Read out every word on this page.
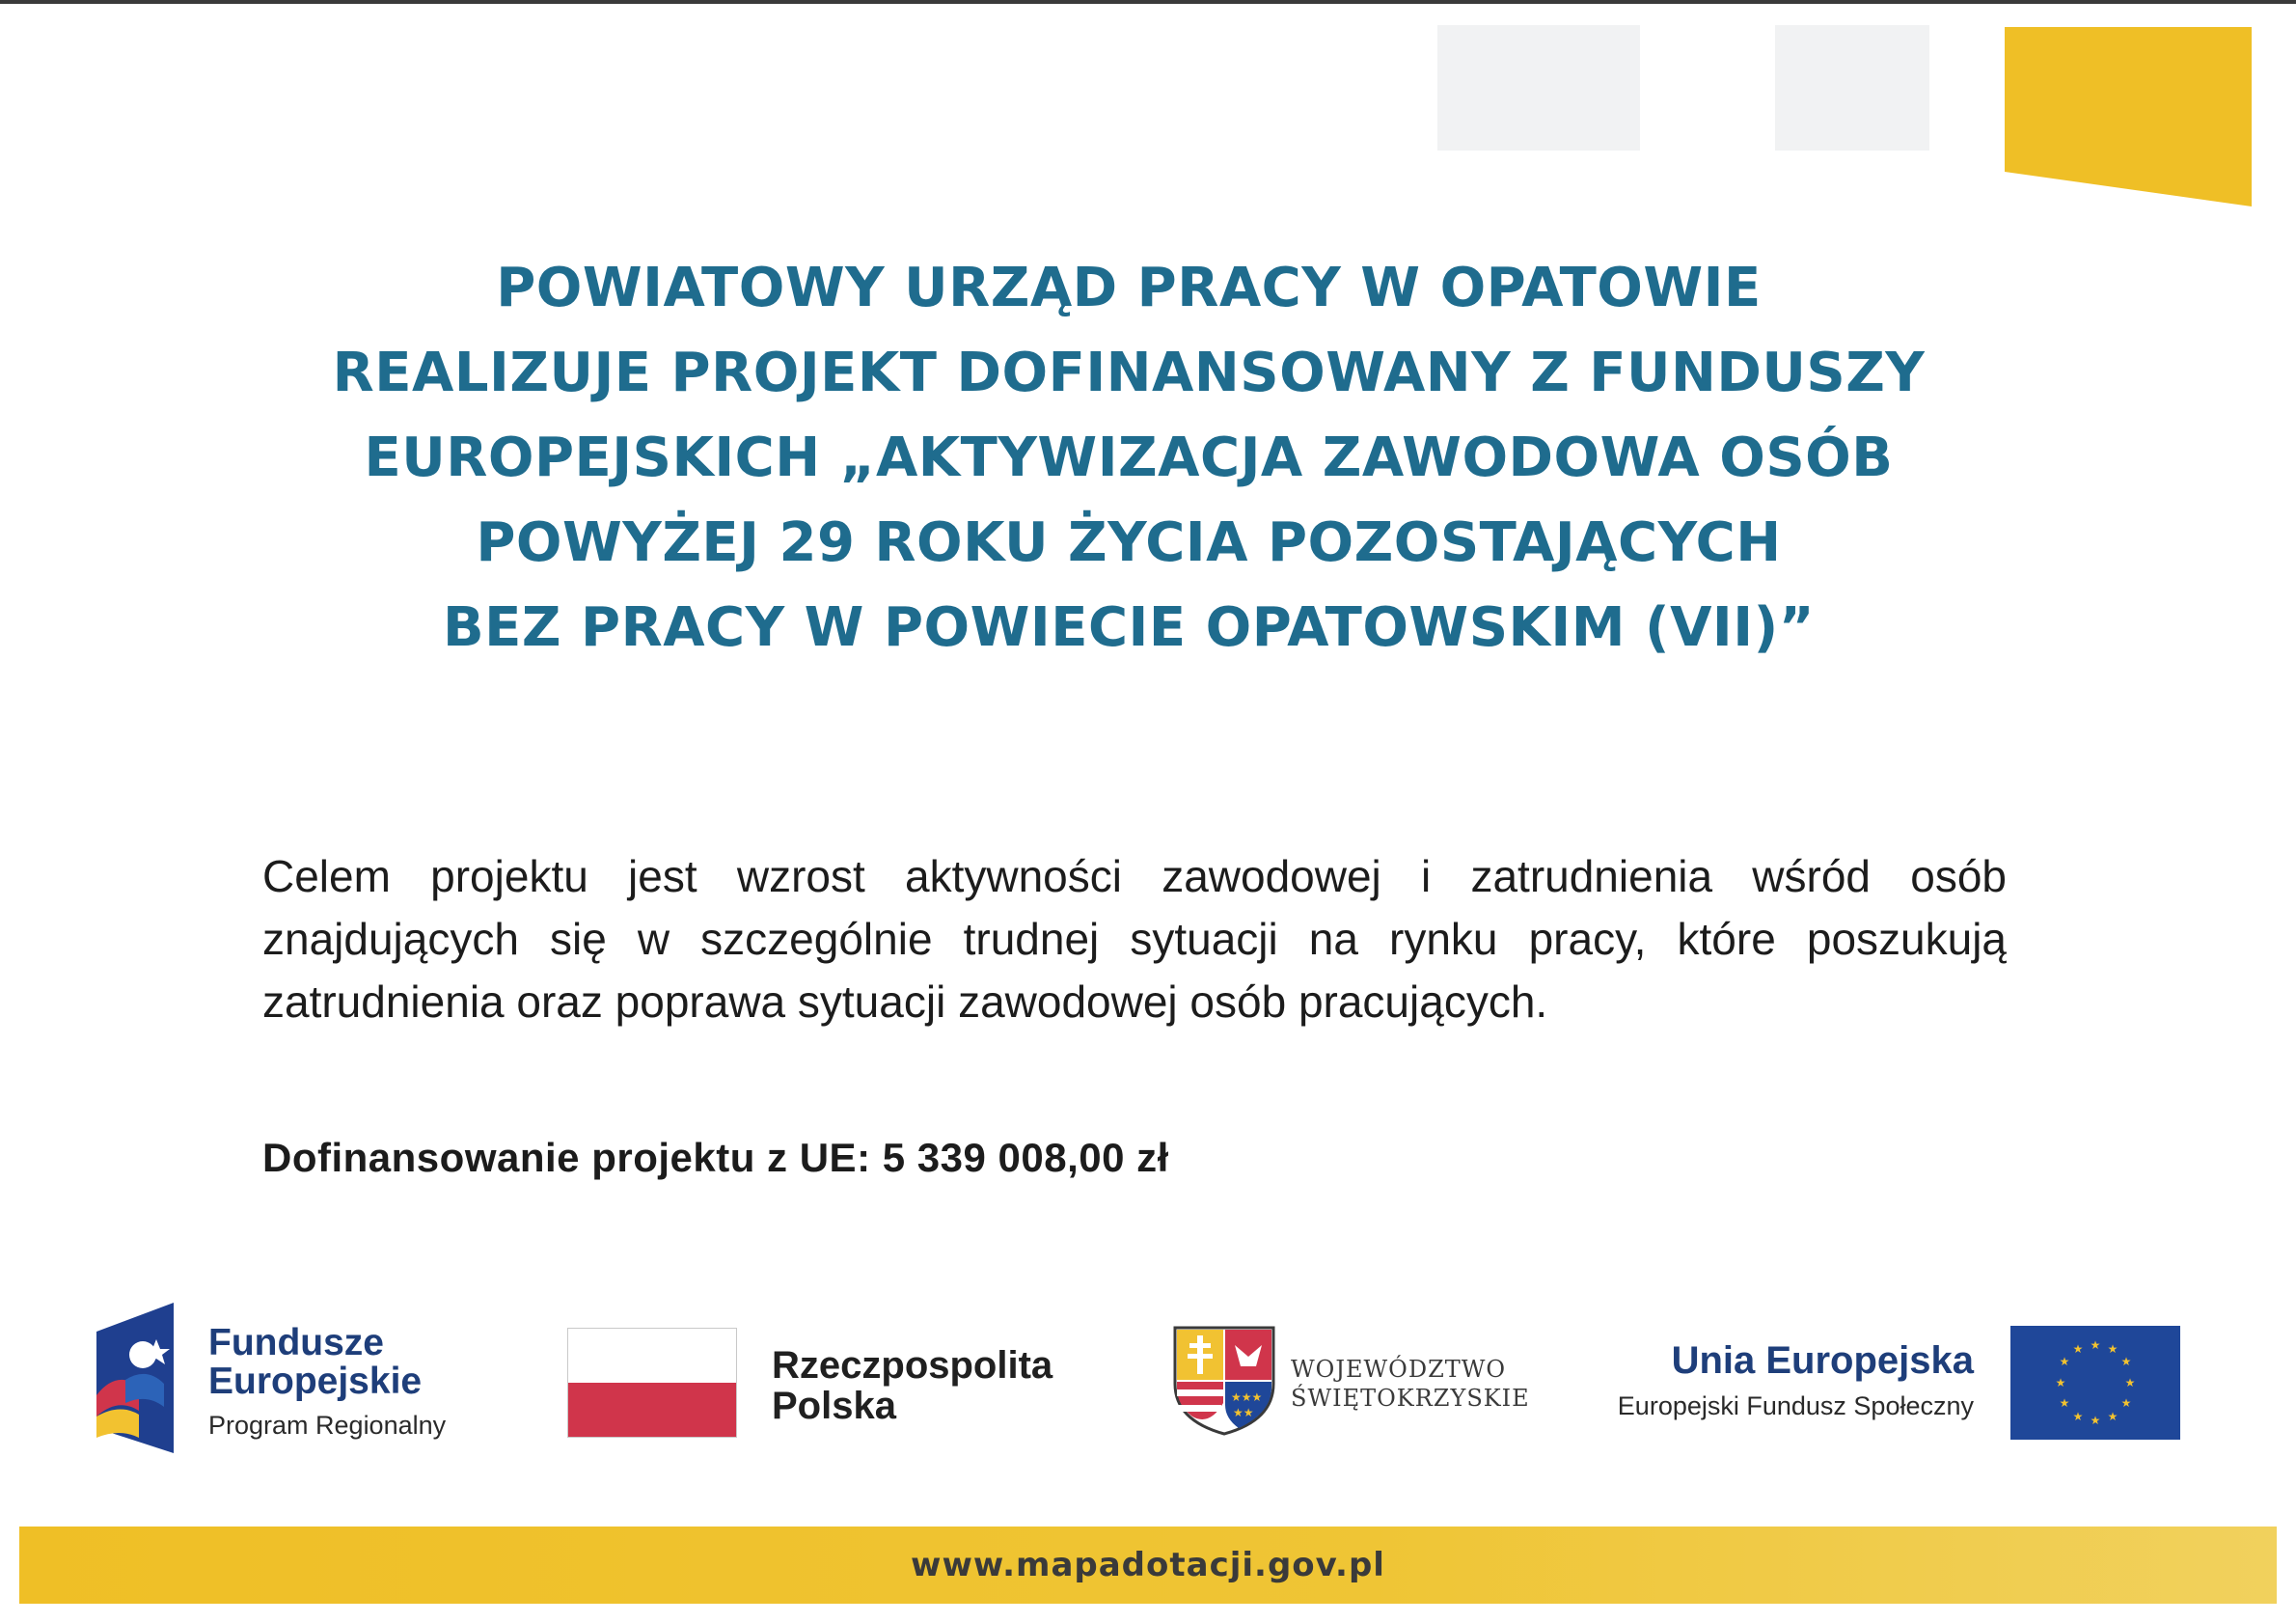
POWIATOWY URZĄD PRACY W OPATOWIE
REALIZUJE PROJEKT DOFINANSOWANY Z FUNDUSZY
EUROPEJSKICH „AKTYWIZACJA ZAWODOWA OSÓB
POWYŻEJ 29 ROKU ŻYCIA POZOSTAJĄCYCH
BEZ PRACY W POWIECIE OPATOWSKIM (VII)”
Celem projektu jest wzrost aktywności zawodowej i zatrudnienia wśród osób znajdujących się w szczególnie trudnej sytuacji na rynku pracy, które poszukują zatrudnienia oraz poprawa sytuacji zawodowej osób pracujących.
Dofinansowanie projektu z UE: 5 339 008,00 zł
Fundusze
Europejskie
Program Regionalny
Rzeczpospolita
Polska	★★★
★★
WOJEWÓDZTWO
ŚWIĘTOKRZYSKIE
Unia Europejska
Europejski Fundusz Społeczny
★ ★
★
★
★
★
★
★
★
★
★
★
www.mapadotacji.gov.pl
